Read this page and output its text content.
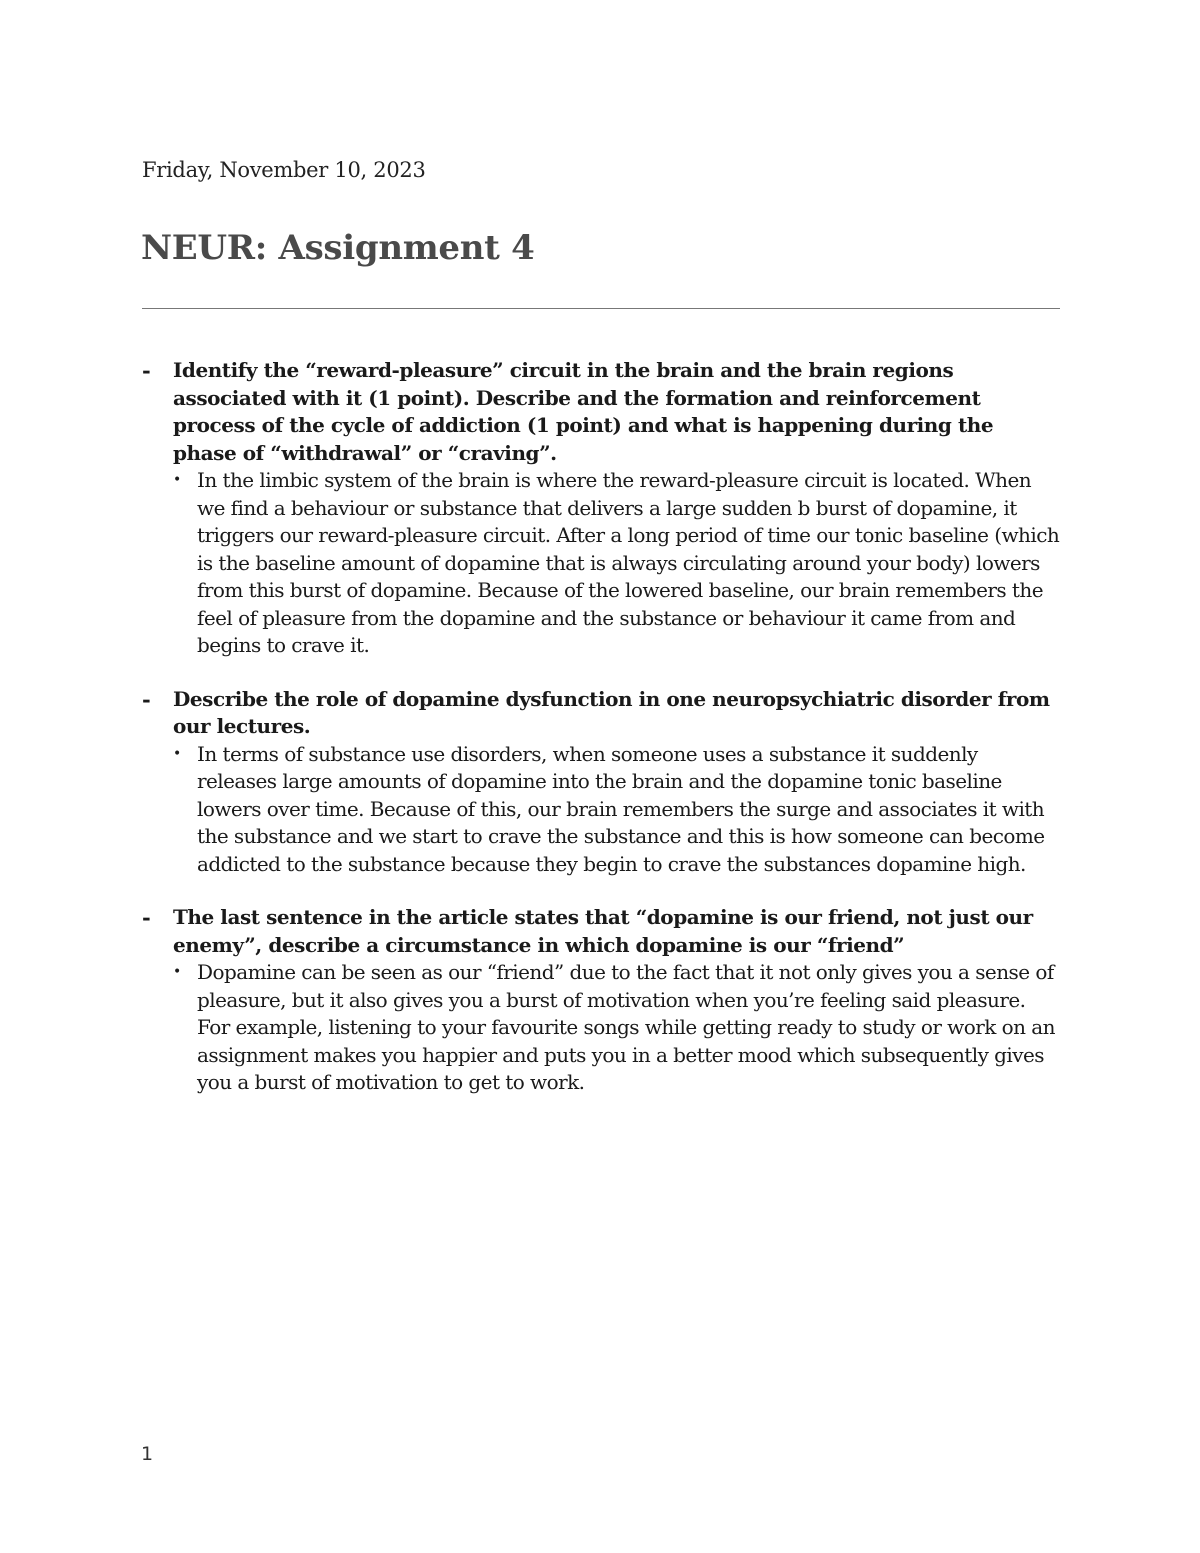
Friday, November 10, 2023
NEUR: Assignment 4
- Identify the “reward-pleasure” circuit in the brain and the brain regions associated with it (1 point). Describe and the formation and reinforcement process of the cycle of addiction (1 point) and what is happening during the phase of “withdrawal” or “craving”.
• In the limbic system of the brain is where the reward-pleasure circuit is located. When we find a behaviour or substance that delivers a large sudden b burst of dopamine, it triggers our reward-pleasure circuit. After a long period of time our tonic baseline (which is the baseline amount of dopamine that is always circulating around your body) lowers from this burst of dopamine. Because of the lowered baseline, our brain remembers the feel of pleasure from the dopamine and the substance or behaviour it came from and begins to crave it.
- Describe the role of dopamine dysfunction in one neuropsychiatric disorder from our lectures.
• In terms of substance use disorders, when someone uses a substance it suddenly releases large amounts of dopamine into the brain and the dopamine tonic baseline lowers over time. Because of this, our brain remembers the surge and associates it with the substance and we start to crave the substance and this is how someone can become addicted to the substance because they begin to crave the substances dopamine high.
- The last sentence in the article states that “dopamine is our friend, not just our enemy”, describe a circumstance in which dopamine is our “friend”
• Dopamine can be seen as our “friend” due to the fact that it not only gives you a sense of pleasure, but it also gives you a burst of motivation when you’re feeling said pleasure. For example, listening to your favourite songs while getting ready to study or work on an assignment makes you happier and puts you in a better mood which subsequently gives you a burst of motivation to get to work.
1
